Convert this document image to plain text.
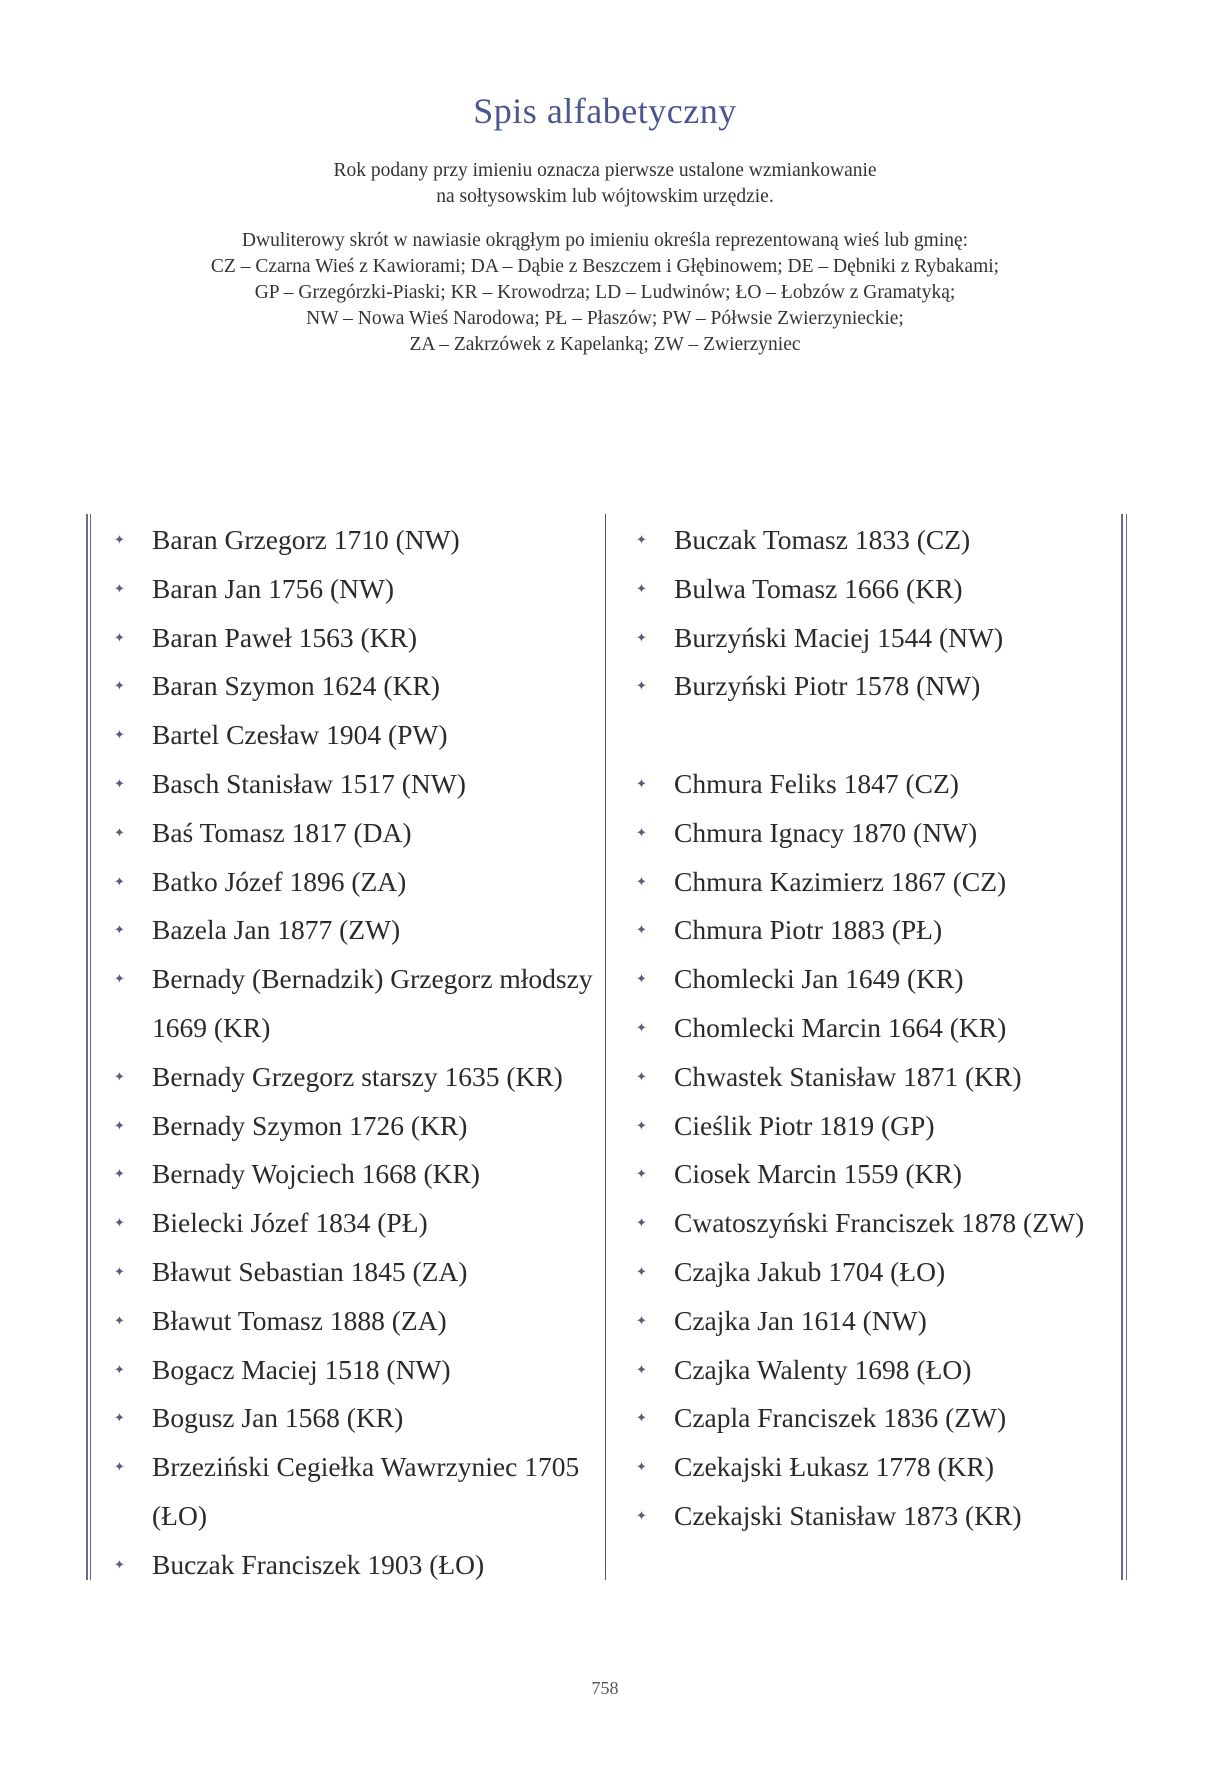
Spis alfabetyczny

Rok podany przy imieniu oznacza pierwsze ustalone wzmiankowanie

na sołtysowskim lub wójtowskim urzędzie.

Dwuliterowy skrót w nawiasie okrągłym po imieniu określa reprezentowaną wieś lub gminę:

CZ – Czarna Wieś z Kawiorami; DA – Dąbie z Beszczem i Głębinowem; DE – Dębniki z Rybakami;

GP – Grzegórzki-Piaski; KR – Krowodrza; LD – Ludwinów; ŁO – Łobzów z Gramatyką;

NW – Nowa Wieś Narodowa; PŁ – Płaszów; PW – Półwsie Zwierzynieckie;

ZA – Zakrzówek z Kapelanką; ZW – Zwierzyniec

✦ Baran Grzegorz 1710 (NW)
✦ Baran Jan 1756 (NW)
✦ Baran Paweł 1563 (KR)
✦ Baran Szymon 1624 (KR)
✦ Bartel Czesław 1904 (PW)
✦ Basch Stanisław 1517 (NW)
✦ Baś Tomasz 1817 (DA)
✦ Batko Józef 1896 (ZA)
✦ Bazela Jan 1877 (ZW)
✦ Bernady (Bernadzik) Grzegorz młodszy 1669 (KR)
✦ Bernady Grzegorz starszy 1635 (KR)
✦ Bernady Szymon 1726 (KR)
✦ Bernady Wojciech 1668 (KR)
✦ Bielecki Józef 1834 (PŁ)
✦ Bławut Sebastian 1845 (ZA)
✦ Bławut Tomasz 1888 (ZA)
✦ Bogacz Maciej 1518 (NW)
✦ Bogusz Jan 1568 (KR)
✦ Brzeziński Cegiełka Wawrzyniec 1705 (ŁO)
✦ Buczak Franciszek 1903 (ŁO)
✦ Buczak Tomasz 1833 (CZ)
✦ Bulwa Tomasz 1666 (KR)
✦ Burzyński Maciej 1544 (NW)
✦ Burzyński Piotr 1578 (NW)

✦ Chmura Feliks 1847 (CZ)
✦ Chmura Ignacy 1870 (NW)
✦ Chmura Kazimierz 1867 (CZ)
✦ Chmura Piotr 1883 (PŁ)
✦ Chomlecki Jan 1649 (KR)
✦ Chomlecki Marcin 1664 (KR)
✦ Chwastek Stanisław 1871 (KR)
✦ Cieślik Piotr 1819 (GP)
✦ Ciosek Marcin 1559 (KR)
✦ Cwatoszyński Franciszek 1878 (ZW)
✦ Czajka Jakub 1704 (ŁO)
✦ Czajka Jan 1614 (NW)
✦ Czajka Walenty 1698 (ŁO)
✦ Czapla Franciszek 1836 (ZW)
✦ Czekajski Łukasz 1778 (KR)
✦ Czekajski Stanisław 1873 (KR)
758
